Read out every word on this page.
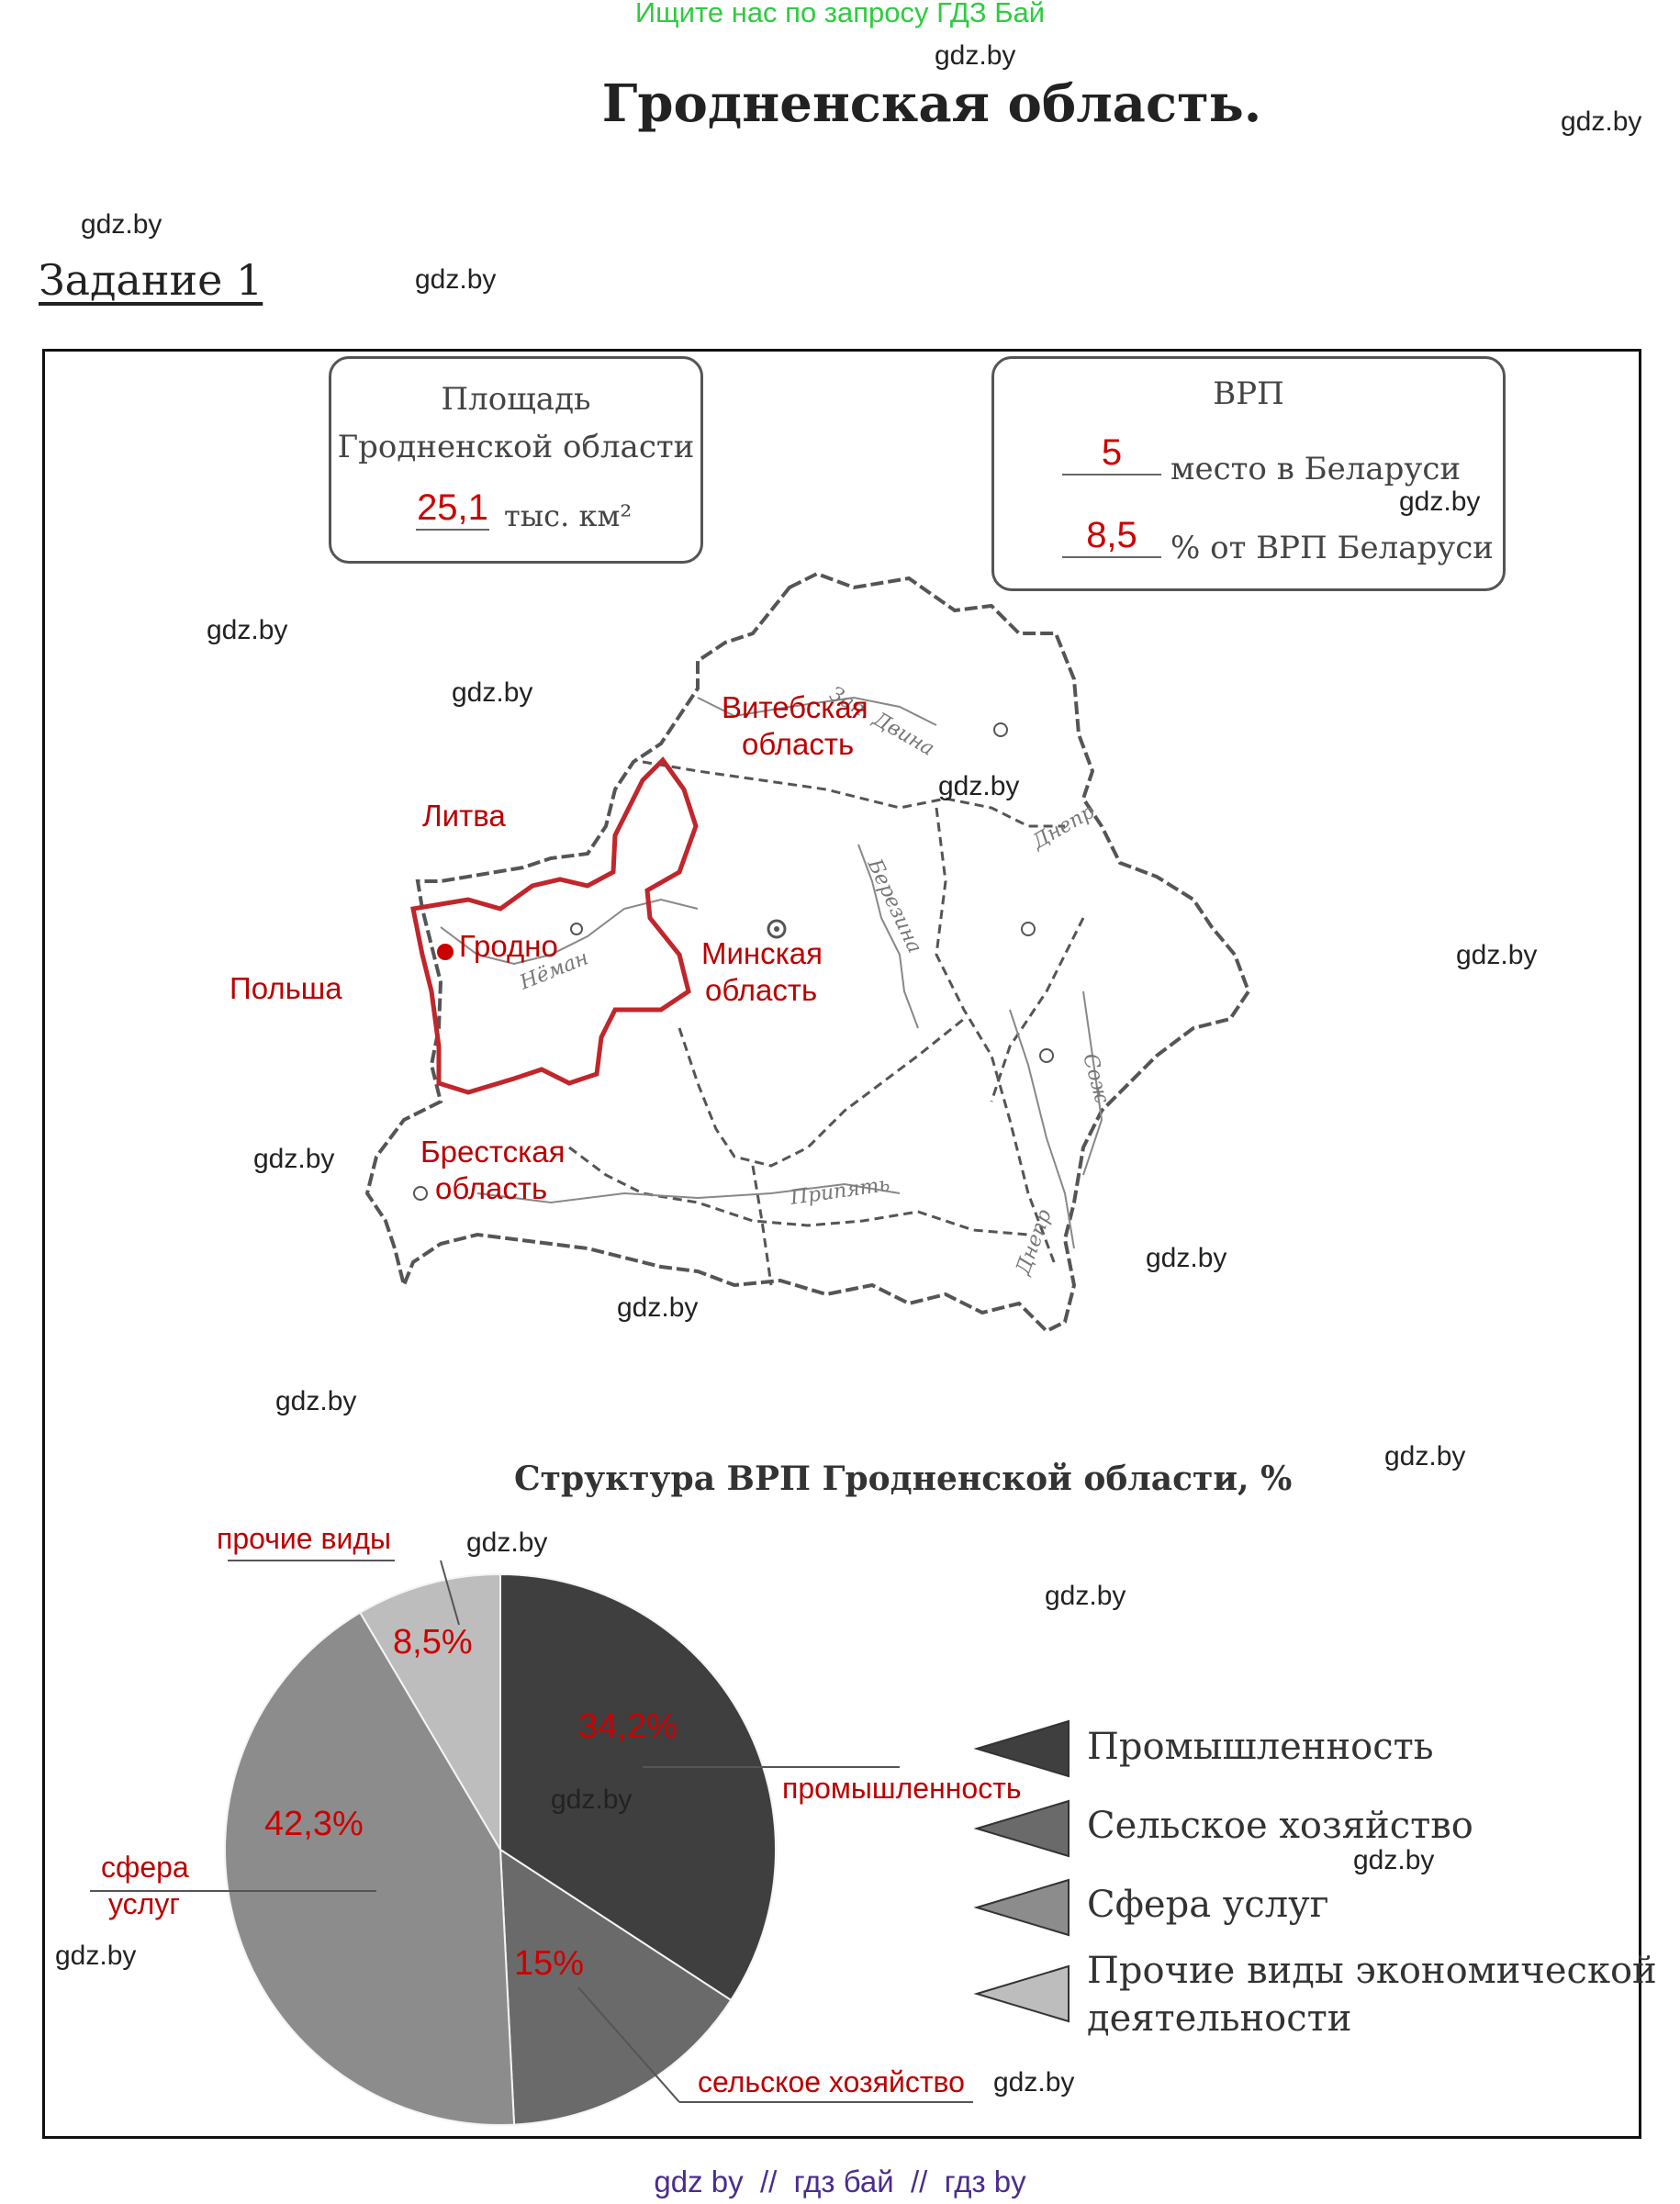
Ищите нас по запросу ГДЗ Бай
Гродненская область.
Задание 1
gdz.by
gdz.by
gdz.by
gdz.by
Площадь
Гродненской области
25,1 тыс. км²
ВРП
5	место в Беларуси
8,5	% от ВРП Беларуси
gdz.by
Зап. Двина
Днепр
Березина
Нёман
Сож
Припять
Днепр
Витебская
область
Литва
Гродно
Польша
Минская
область
Брестская
область
gdz.by
gdz.by
gdz.by
gdz.by
gdz.by
gdz.by
gdz.by
gdz.by
gdz.by
Структура ВРП Гродненской области, %
8,5%
34,2%
42,3%
15%
прочие виды
промышленность
сфера
услуг
сельское хозяйство
Промышленность
Сельское хозяйство
Сфера услуг
Прочие виды экономической
деятельности
gdz.by
gdz.by
gdz.by
gdz.by
gdz.by
gdz.by
gdz by  //  гдз бай  //  гдз by
